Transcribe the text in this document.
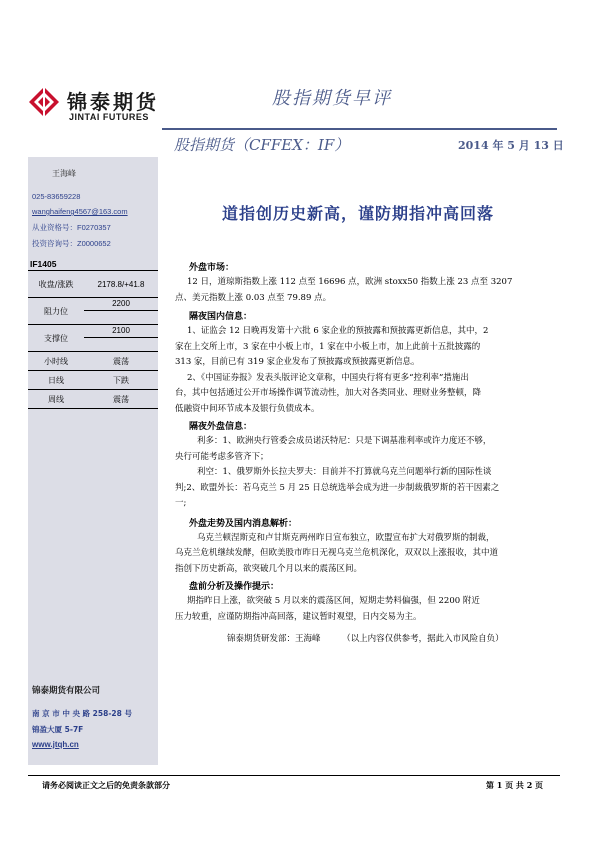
锦泰期货
JINTAI FUTURES
股指期货早评
股指期货（CFFEX：IF）	2014 年 5 月 13 日
王海峰
025-83659228
wanghaifeng4567@163.com
从业资格号：F0270357
投资咨询号：Z0000652
IF1405	
收盘/涨跌	2178.8/+41.8
阻力位	2200

支撑位	2100

小时线	震荡
日线	下跌
周线	震荡
锦泰期货有限公司
南 京 市 中 央 路 258-28 号
锦盈大厦 5-7F
www.jtqh.cn
道指创历史新高，谨防期指冲高回落
外盘市场：
12 日，道琼斯指数上涨 112 点至 16696 点，欧洲 stoxx50 指数上涨 23 点至 3207
点、美元指数上涨 0.03 点至 79.89 点。
隔夜国内信息：
1、证监会 12 日晚再发第十六批 6 家企业的预披露和预披露更新信息，其中，2
家在上交所上市，3 家在中小板上市，1 家在中小板上市，加上此前十五批披露的
313 家，目前已有 319 家企业发布了预披露或预披露更新信息。
2、《中国证券报》发表头版评论文章称，中国央行将有更多“控利率”措施出
台，其中包括通过公开市场操作调节流动性，加大对各类同业、理财业务整顿，降
低融资中间环节成本及银行负债成本。
隔夜外盘信息：
利多：1、欧洲央行管委会成员诺沃特尼：只是下调基准利率或许力度还不够，
央行可能考虑多管齐下；
利空：1、俄罗斯外长拉夫罗夫：目前并不打算就乌克兰问题举行新的国际性谈
判;2、欧盟外长：若乌克兰 5 月 25 日总统选举会成为进一步制裁俄罗斯的若干因素之
一;
外盘走势及国内消息解析：
乌克兰顿涅斯克和卢甘斯克两州昨日宣布独立，欧盟宣布扩大对俄罗斯的制裁，
乌克兰危机继续发酵，但欧美股市昨日无视乌克兰危机深化，双双以上涨报收，其中道
指创下历史新高，欲突破几个月以来的震荡区间。
盘前分析及操作提示：
期指昨日上涨，欲突破 5 月以来的震荡区间，短期走势料偏强，但 2200 附近
压力较重，应谨防期指冲高回落，建议暂时观望，日内交易为主。
锦泰期货研发部：王海峰        （以上内容仅供参考，据此入市风险自负）
请务必阅读正文之后的免责条款部分	第 1 页 共 2 页
